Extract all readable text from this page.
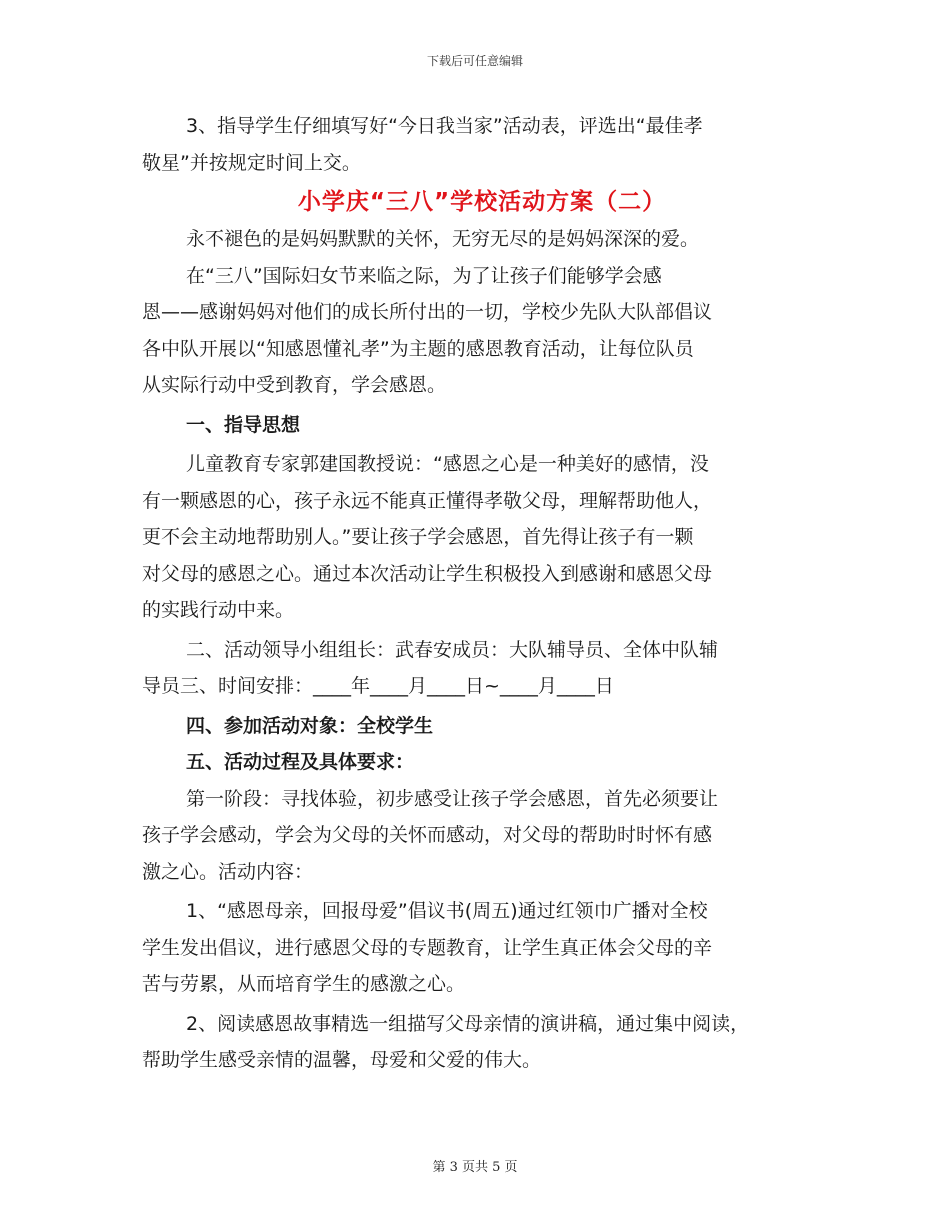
下载后可任意编辑

3、指导学生仔细填写好“今日我当家”活动表，评选出“最佳孝

敬星”并按规定时间上交。

小学庆“三八”学校活动方案（二）

永不褪色的是妈妈默默的关怀，无穷无尽的是妈妈深深的爱。

在“三八”国际妇女节来临之际，为了让孩子们能够学会感

恩——感谢妈妈对他们的成长所付出的一切，学校少先队大队部倡议

各中队开展以“知感恩懂礼孝”为主题的感恩教育活动，让每位队员

从实际行动中受到教育，学会感恩。

一、指导思想

儿童教育专家郭建国教授说：“感恩之心是一种美好的感情，没

有一颗感恩的心，孩子永远不能真正懂得孝敬父母，理解帮助他人，

更不会主动地帮助别人。”要让孩子学会感恩，首先得让孩子有一颗

对父母的感恩之心。通过本次活动让学生积极投入到感谢和感恩父母

的实践行动中来。

二、活动领导小组组长：武春安成员：大队辅导员、全体中队辅

导员三、时间安排：____年____月____日~____月____日

四、参加活动对象：全校学生

五、活动过程及具体要求：

第一阶段：寻找体验，初步感受让孩子学会感恩，首先必须要让

孩子学会感动，学会为父母的关怀而感动，对父母的帮助时时怀有感

激之心。活动内容：

1、“感恩母亲，回报母爱”倡议书(周五)通过红领巾广播对全校

学生发出倡议，进行感恩父母的专题教育，让学生真正体会父母的辛

苦与劳累，从而培育学生的感激之心。

2、阅读感恩故事精选一组描写父母亲情的演讲稿，通过集中阅读，

帮助学生感受亲情的温馨，母爱和父爱的伟大。

第 3 页共 5 页
